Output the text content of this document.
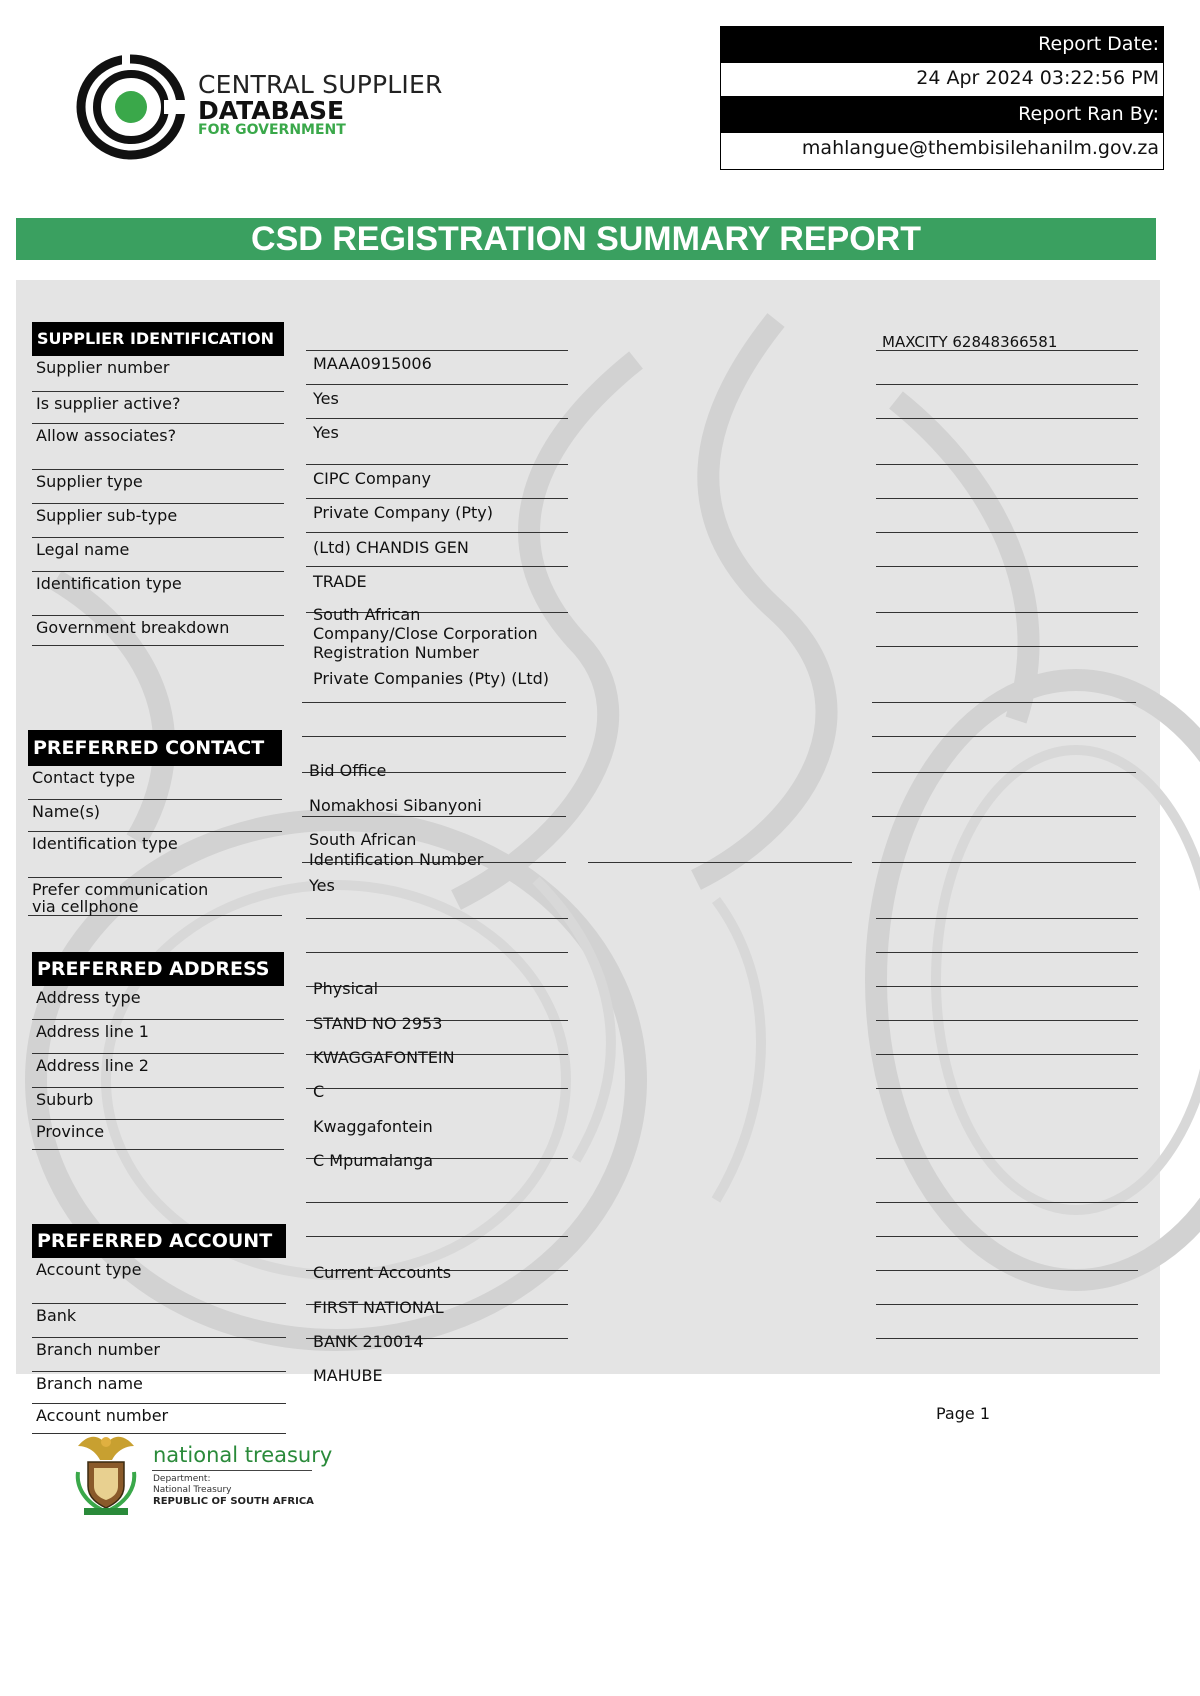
CENTRAL SUPPLIER
DATABASE
FOR GOVERNMENT
Report Date:
24 Apr 2024 03:22:56 PM
Report Ran By:
mahlangue@thembisilehanilm.gov.za
CSD REGISTRATION SUMMARY REPORT
SUPPLIER IDENTIFICATION
Supplier number
Is supplier active?
Allow associates?
Supplier type
Supplier sub-type
Legal name
Identification type
Government breakdown
MAAA0915006
Yes
Yes
CIPC Company
Private Company (Pty)
(Ltd) CHANDIS GEN
TRADE
South African
Company/Close Corporation
Registration Number
Private Companies (Pty) (Ltd)
MAXCITY 62848366581
PREFERRED CONTACT
Contact type
Name(s)
Identification type
Prefer communication
via cellphone
Bid Office
Nomakhosi Sibanyoni
South African
Identification Number
Yes
PREFERRED ADDRESS
Address type
Address line 1
Address line 2
Suburb
Province
Physical
STAND NO 2953
KWAGGAFONTEIN
C
Kwaggafontein
C Mpumalanga
PREFERRED ACCOUNT
Account type
Bank
Branch number
Branch name
Account number
Current Accounts
FIRST NATIONAL
BANK 210014
MAHUBE
Page 1
national treasury
Department:
National Treasury
REPUBLIC OF SOUTH AFRICA
